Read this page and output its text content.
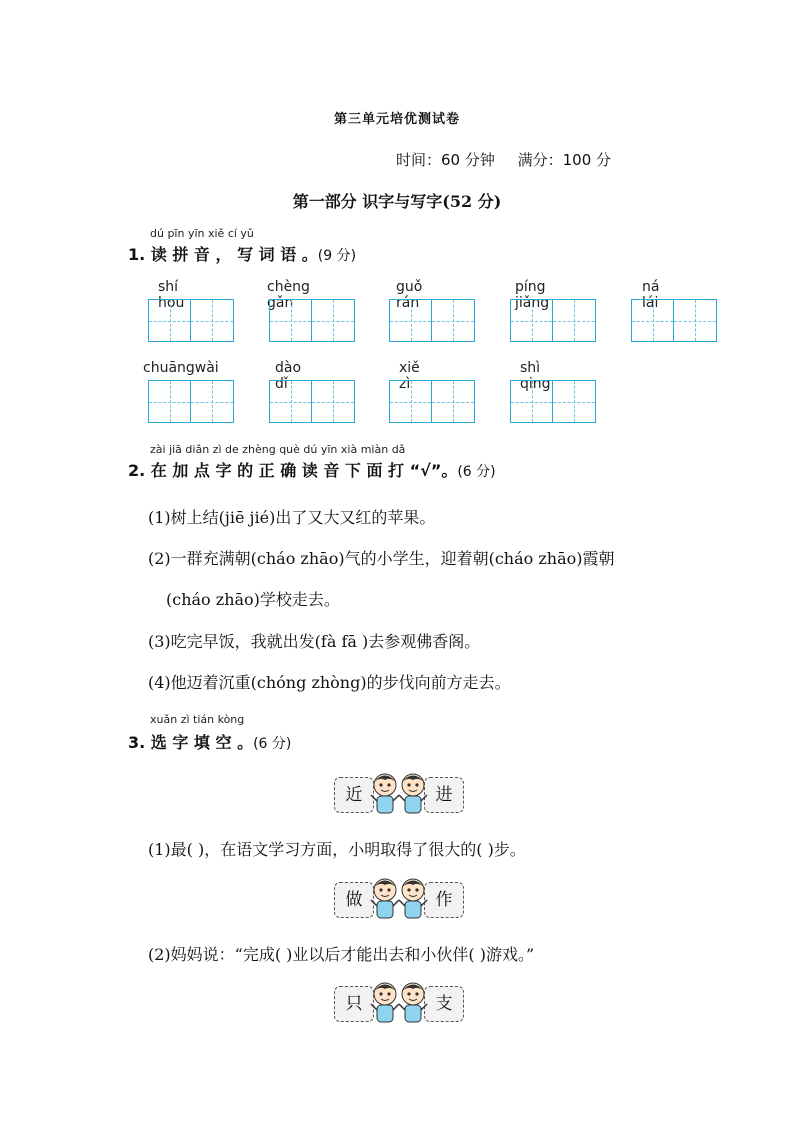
第三单元培优测试卷
时间：60 分钟 满分：100 分
第一部分 识字与写字(52 分)
dú pīn yīn xiě cí yǔ
1. 读 拼 音 ， 写 词 语 。(9 分)
shí hou
chèng gǎn
guǒ rán
píng jiǎng
ná lái
chuāngwài	dào dǐ
xiě zì
shì qing
zài jiā diǎn zì de zhèng què dú yīn xià miàn dǎ
2. 在 加 点 字 的 正 确 读 音 下 面 打 “√”。(6 分)
(1)树上结(jiē jié)出了又大又红的苹果。
(2)一群充满朝(cháo zhāo)气的小学生，迎着朝(cháo zhāo)霞朝
(cháo zhāo)学校走去。
(3)吃完早饭，我就出发(fà fā )去参观佛香阁。
(4)他迈着沉重(chóng zhòng)的步伐向前方走去。
xuǎn zì tián kòng
3. 选 字 填 空 。(6 分)
近	进
(1)最( )，在语文学习方面，小明取得了很大的( )步。
做	作
(2)妈妈说：“完成( )业以后才能出去和小伙伴( )游戏。”
只	支
